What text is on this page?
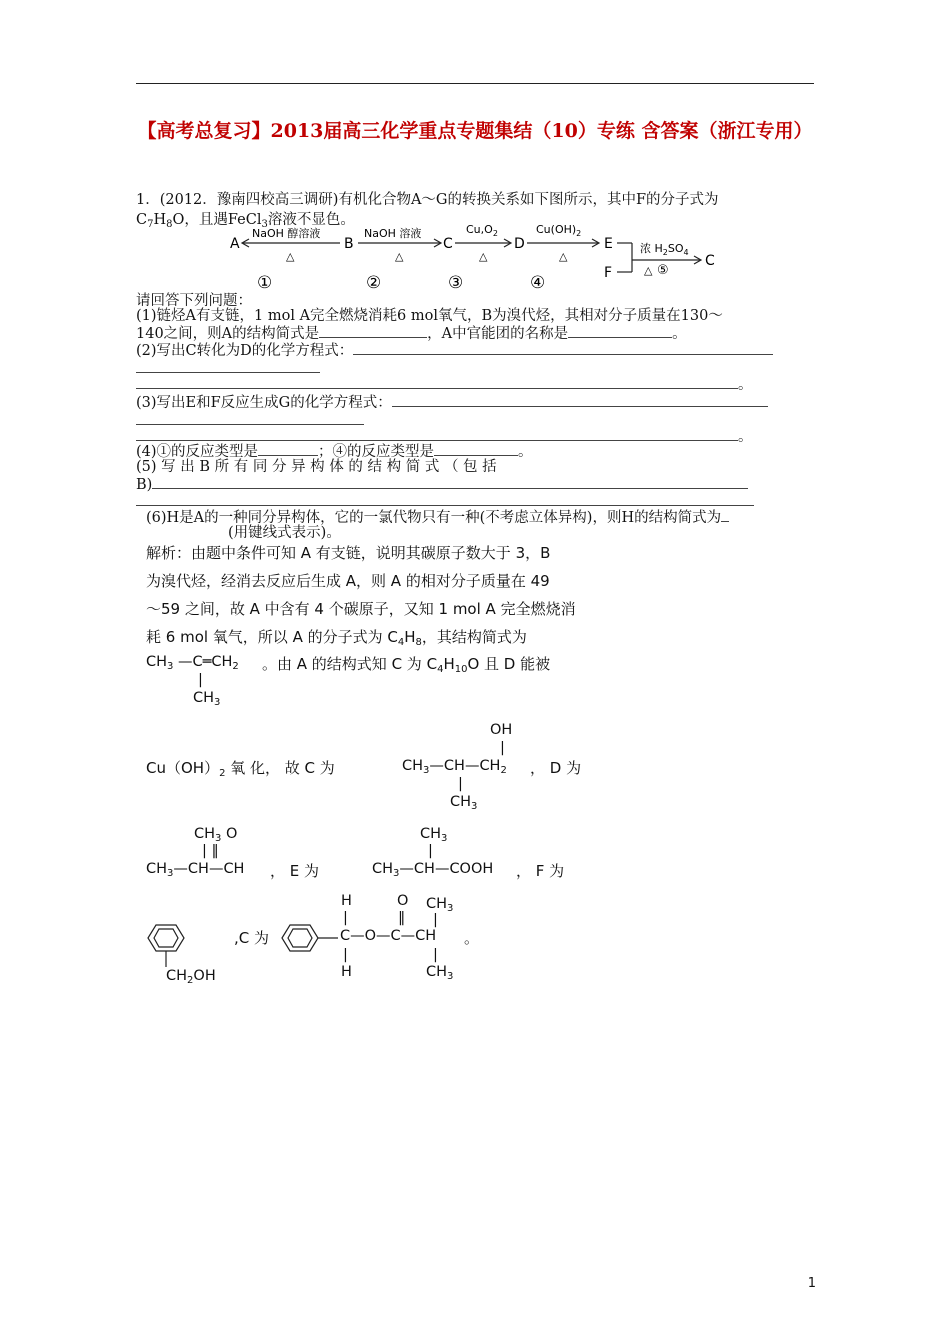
【高考总复习】2013届高三化学重点专题集结（10）专练 含答案（浙江专用）
1．(2012．豫南四校高三调研)有机化合物A～G的转换关系如下图所示，其中F的分子式为
$C_7H_8O$，且遇FeCl$_3$溶液不显色。
A	B	C	D	E
F
C
NaOH 醇溶液	NaOH 溶液	$Cu,O_2$	$Cu(OH)_2$
浓 $H_2SO_4$
△	△	△	△
△ ⑤
①	②	③	④
请回答下列问题：
(1)链烃A有支链，1 mol A完全燃烧消耗6 mol氧气，B为溴代烃，其相对分子质量在130～
140之间，则A的结构简式是	，A中官能团的名称是	。
(2)写出C转化为D的化学方程式：
。
(3)写出E和F反应生成G的化学方程式：
。
(4)①的反应类型是	；④的反应类型是	。
(5) 写 出 B 所 有 同 分 异 构 体 的 结 构 简 式 （ 包 括
B)
(6)H是A的一种同分异构体，它的一氯代物只有一种(不考虑立体异构)，则H的结构简式为
(用键线式表示)。
解析：由题中条件可知 A 有支链，说明其碳原子数大于 3，B
为溴代烃，经消去反应后生成 A，则 A 的相对分子质量在 49
～59 之间，故 A 中含有 4 个碳原子，又知 1 mol A 完全燃烧消
耗 6 mol 氧气，所以 A 的分子式为 $C_4H_8$，其结构简式为
$CH_3$ $—C═CH_2$
|
$CH_3$
。由 A 的结构式知 C 为 $C_4H_{10}O$ 且 D 能被
OH
|
$Cu(OH)_2$ 氧 化， 故 C 为	$CH_3—CH—CH_2$ ， D 为
|
$CH_3$
$CH_3$ O
| ‖
$CH_3—CH—CH$ ， E 为
$CH_3$
|
$CH_3—CH—COOH$ ， F 为
$CH_2OH$
,C 为
H
|
O
‖
$CH_3$
|
C—O—C—CH
|
H
|
$CH_3$
。
1
